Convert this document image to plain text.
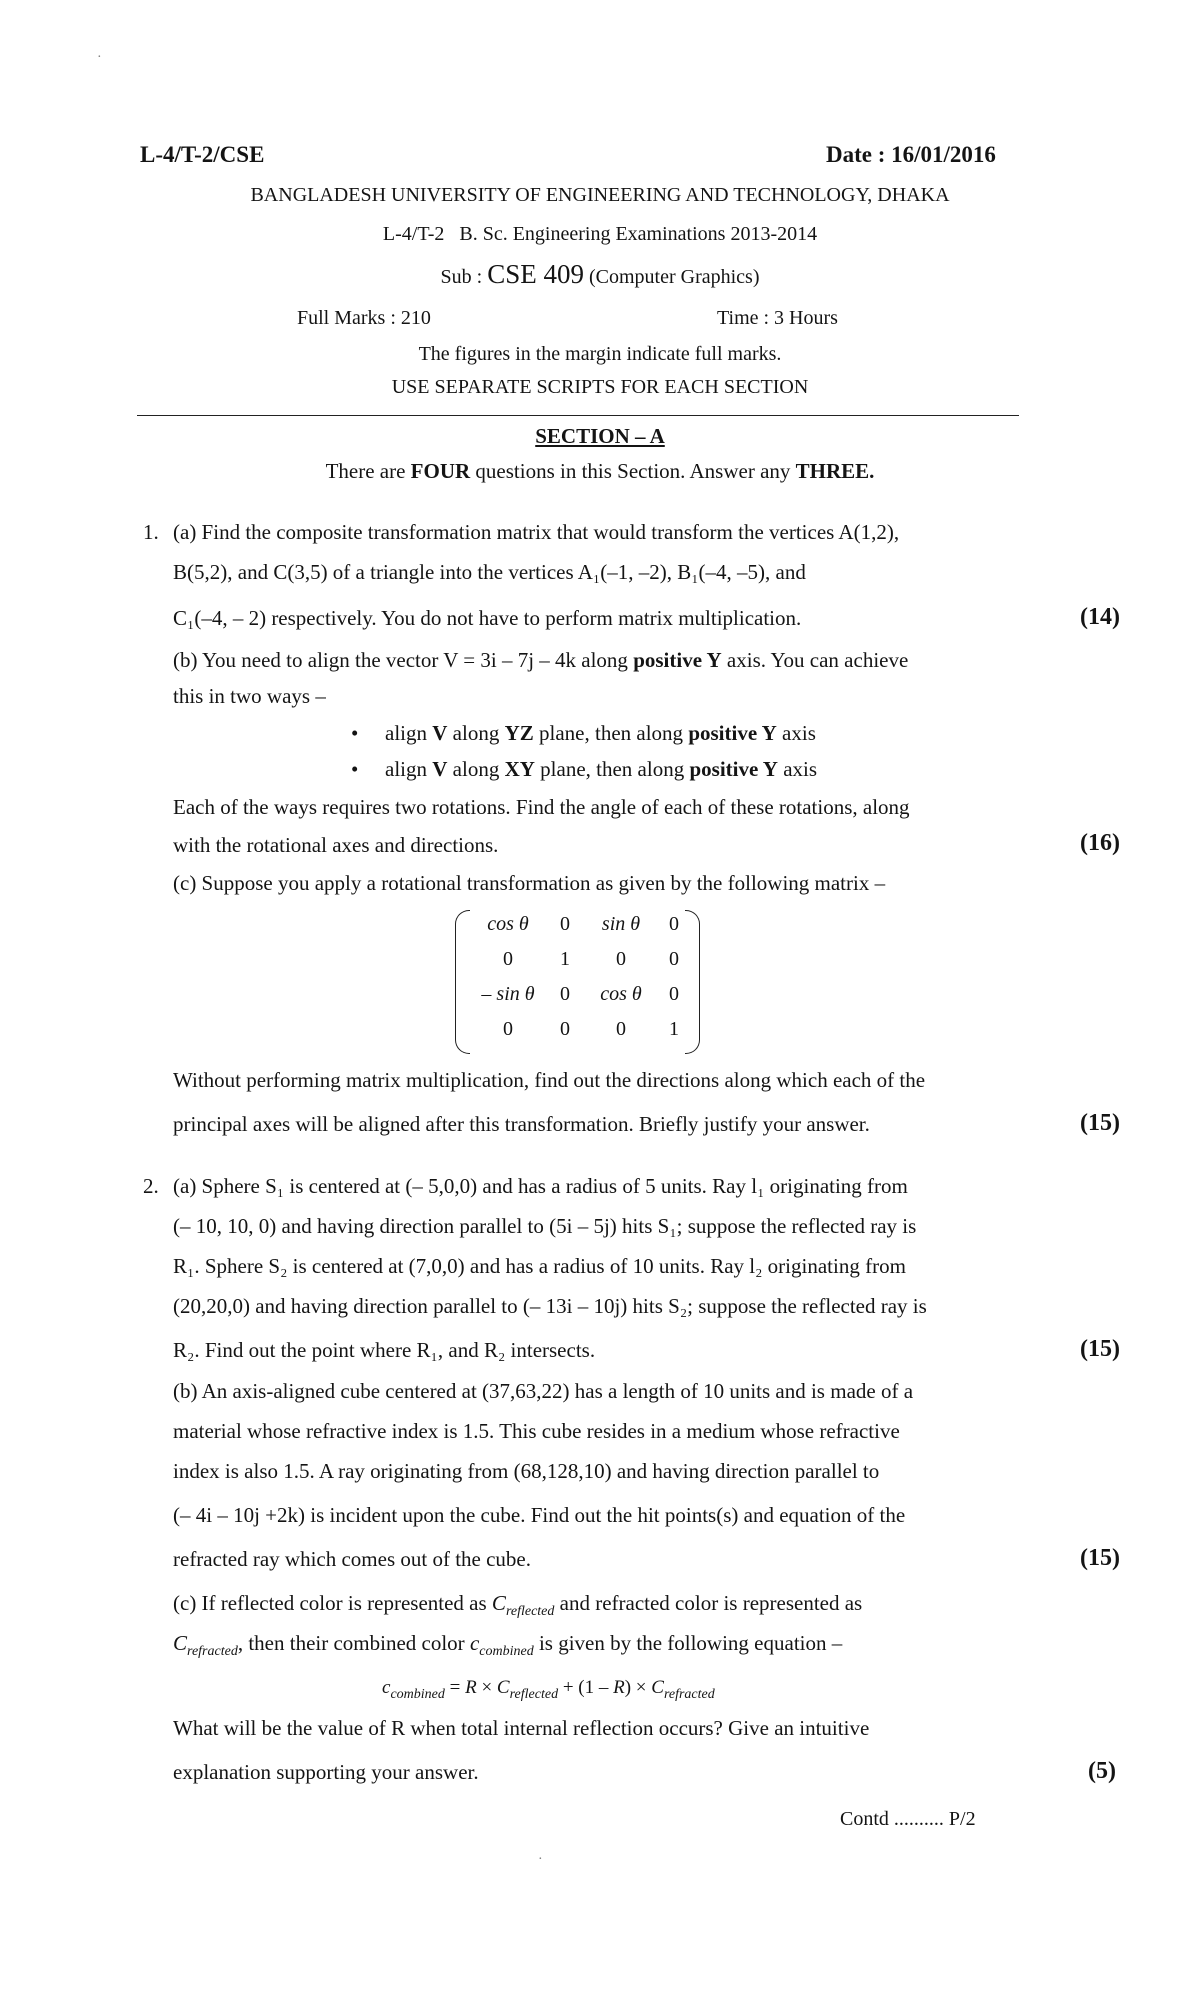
L-4/T-2/CSE	Date : 16/01/2016
BANGLADESH UNIVERSITY OF ENGINEERING AND TECHNOLOGY, DHAKA
L-4/T-2 B. Sc. Engineering Examinations 2013-2014
Sub : CSE 409 (Computer Graphics)
Full Marks : 210	Time : 3 Hours
The figures in the margin indicate full marks.
USE SEPARATE SCRIPTS FOR EACH SECTION
SECTION – A
There are FOUR questions in this Section. Answer any THREE.
1. (a) Find the composite transformation matrix that would transform the vertices A(1,2),
B(5,2), and C(3,5) of a triangle into the vertices A₁(–1, –2), B₁(–4, –5), and
C₁(–4, – 2) respectively. You do not have to perform matrix multiplication.	(14)
(b) You need to align the vector V = 3i – 7j – 4k along positive Y axis. You can achieve
this in two ways –
• align V along YZ plane, then along positive Y axis
• align V along XY plane, then along positive Y axis
Each of the ways requires two rotations. Find the angle of each of these rotations, along
with the rotational axes and directions.	(16)
(c) Suppose you apply a rotational transformation as given by the following matrix –
cos θ	0	sin θ	0
0	1	0	0
– sin θ	0	cos θ	0
0	0	0	1
Without performing matrix multiplication, find out the directions along which each of the
principal axes will be aligned after this transformation. Briefly justify your answer.	(15)
2. (a) Sphere S₁ is centered at (– 5,0,0) and has a radius of 5 units. Ray l₁ originating from
(– 10, 10, 0) and having direction parallel to (5i – 5j) hits S₁; suppose the reflected ray is
R₁. Sphere S₂ is centered at (7,0,0) and has a radius of 10 units. Ray l₂ originating from
(20,20,0) and having direction parallel to (– 13i – 10j) hits S₂; suppose the reflected ray is
R₂. Find out the point where R₁, and R₂ intersects.	(15)
(b) An axis-aligned cube centered at (37,63,22) has a length of 10 units and is made of a
material whose refractive index is 1.5. This cube resides in a medium whose refractive
index is also 1.5. A ray originating from (68,128,10) and having direction parallel to
(– 4i – 10j +2k) is incident upon the cube. Find out the hit points(s) and equation of the
refracted ray which comes out of the cube.	(15)
(c) If reflected color is represented as $C_{reflected}$ and refracted color is represented as
$C_{refracted}$, then their combined color $c_{combined}$ is given by the following equation –
$c_{combined} = R \times C_{reflected} + (1 - R) \times C_{refracted}$
What will be the value of R when total internal reflection occurs? Give an intuitive
explanation supporting your answer.	(5)
Contd .......... P/2
·
·
